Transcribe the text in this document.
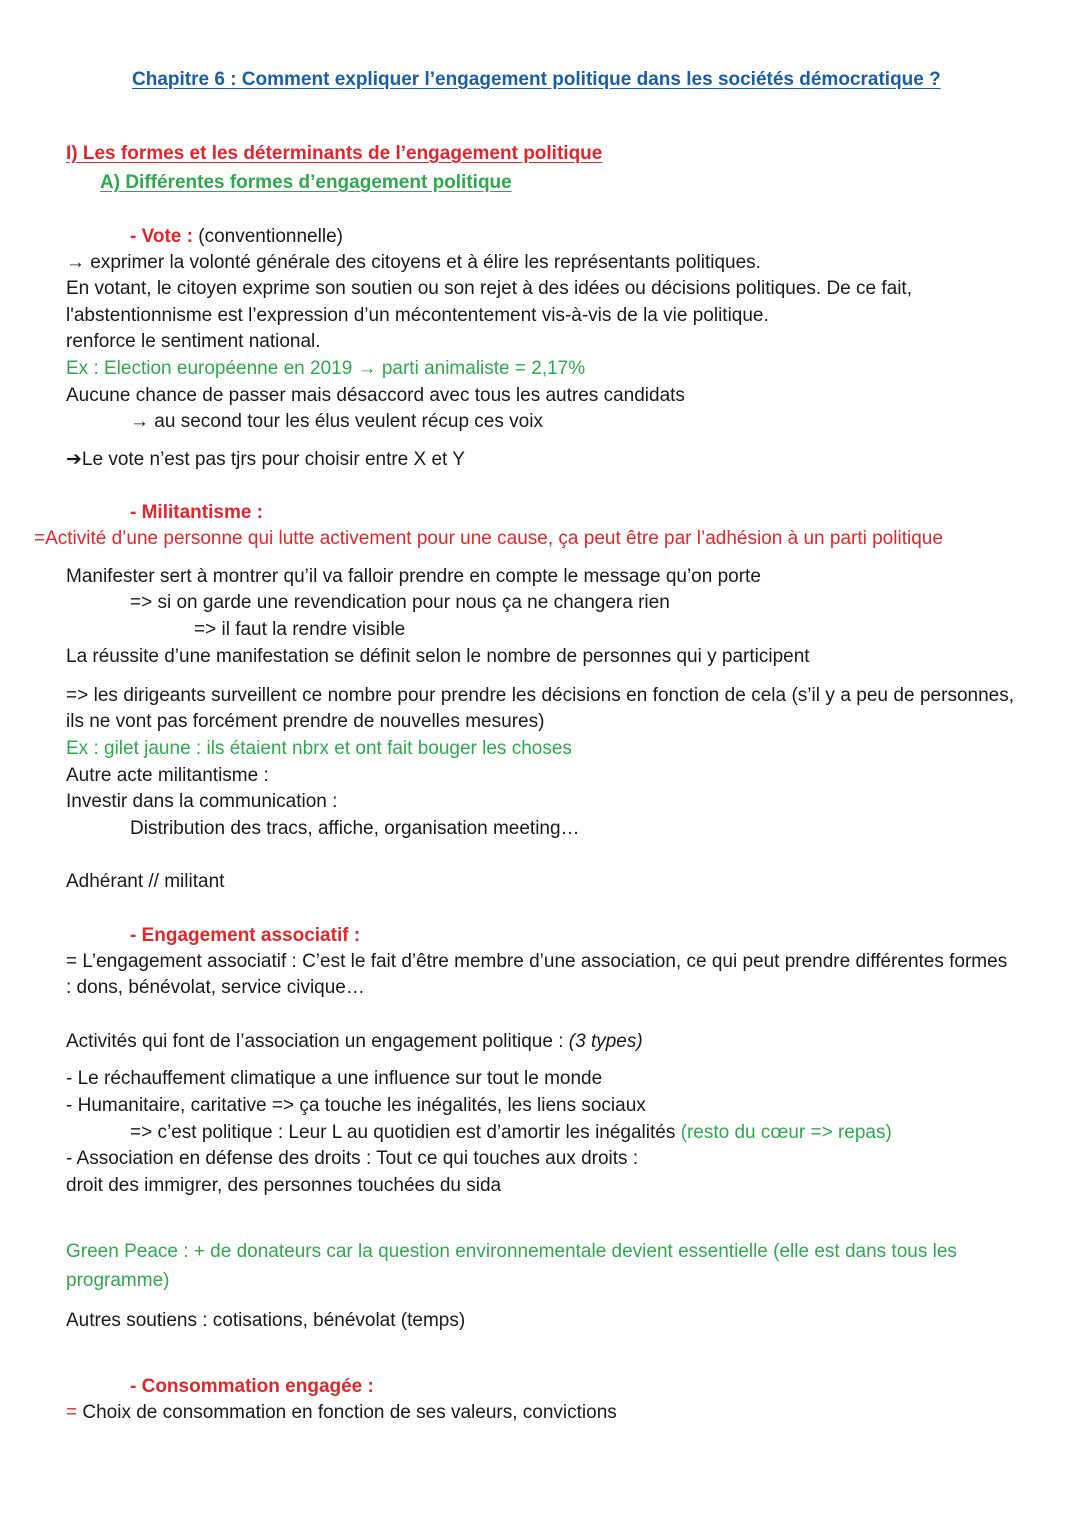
Chapitre 6 : Comment expliquer l’engagement politique dans les sociétés démocratique ?
I) Les formes et les déterminants de l’engagement politique
A) Différentes formes d’engagement politique
- Vote : (conventionnelle)
→ exprimer la volonté générale des citoyens et à élire les représentants politiques.
En votant, le citoyen exprime son soutien ou son rejet à des idées ou décisions politiques. De ce fait,
l'abstentionnisme est l’expression d’un mécontentement vis-à-vis de la vie politique.
renforce le sentiment national.
Ex : Election européenne en 2019 → parti animaliste = 2,17%
Aucune chance de passer mais désaccord avec tous les autres candidats
→ au second tour les élus veulent récup ces voix
➔Le vote n’est pas tjrs pour choisir entre X et Y
- Militantisme :
=Activité d’une personne qui lutte activement pour une cause, ça peut être par l’adhésion à un parti politique
Manifester sert à montrer qu’il va falloir prendre en compte le message qu’on porte
=> si on garde une revendication pour nous ça ne changera rien
=> il faut la rendre visible
La réussite d’une manifestation se définit selon le nombre de personnes qui y participent
=> les dirigeants surveillent ce nombre pour prendre les décisions en fonction de cela (s’il y a peu de personnes, ils ne vont pas forcément prendre de nouvelles mesures)
Ex : gilet jaune : ils étaient nbrx et ont fait bouger les choses
Autre acte militantisme :
Investir dans la communication :
Distribution des tracs, affiche, organisation meeting…
Adhérant // militant
- Engagement associatif :
= L’engagement associatif : C’est le fait d’être membre d’une association, ce qui peut prendre différentes formes : dons, bénévolat, service civique…
Activités qui font de l’association un engagement politique : (3 types)
- Le réchauffement climatique a une influence sur tout le monde
- Humanitaire, caritative => ça touche les inégalités, les liens sociaux
=> c’est politique : Leur L au quotidien est d’amortir les inégalités (resto du cœur => repas)
- Association en défense des droits : Tout ce qui touches aux droits :
droit des immigrer, des personnes touchées du sida
Green Peace : + de donateurs car la question environnementale devient essentielle (elle est dans tous les programme)
Autres soutiens : cotisations, bénévolat (temps)
- Consommation engagée :
= Choix de consommation en fonction de ses valeurs, convictions
